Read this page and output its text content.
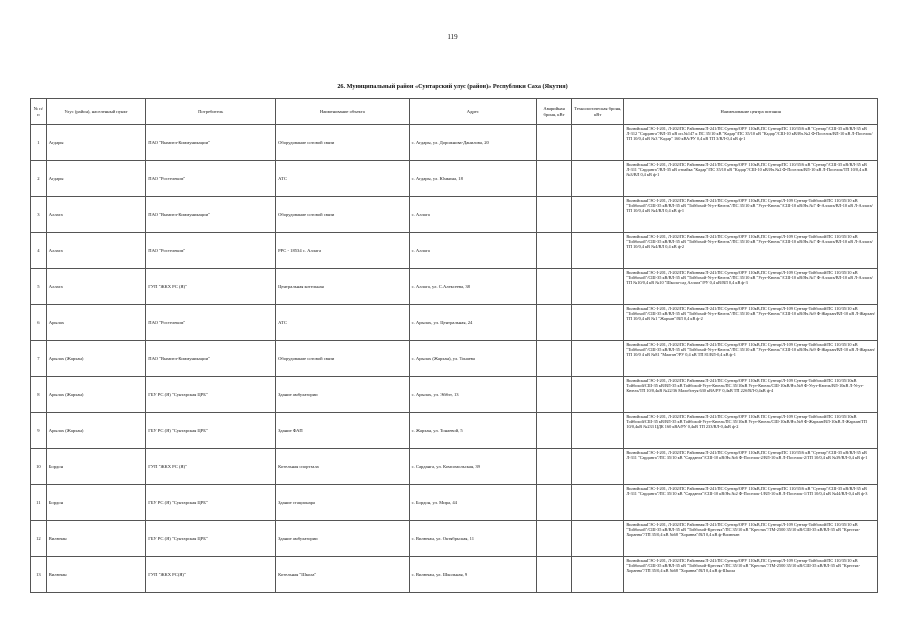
119
26. Муниципальный район «Сунтарский улус (район)» Республики Саха (Якутия)
№ п/п	Улус (район), населенный пункт	Потребитель	Наименование объекта	Адрес	Аварийная броня, кВт	Технологическая броня, кВт	Наименование центра питания
1	Агдары	ПАО "Вымпел-Коммуникации"	Оборудование сотовой связи	с. Агдары, ул. Дорожнова-Данилова, 20			ВилюйскаяГЭС-I-201, Л-202/ПС Районная/Л-241/ПС Сунтар/ОРУ 110кВ,ПС Сунтар/ПС 110/35/6 кВ "Сунтар"/СШ-35 кВ/ВЛ-35 кВ Л-312 "Сарданга"/ВЛ-35 кВ оп.№147 к ПС 35/10 кВ "Кадар"/ПС 35/10 кВ "Кадар"/СШ-10 кВ/Яч.№2 Ф-Поселок/ВЛ-10 кВ Л-Поселок/ТП 10/0,4 кВ №3 "Кадар" 160 кВА/РУ 0,4 кВ ТП 3/ВЛ-0,4 кВ ф-1

2	Агдары	ПАО "Ростелеком"	АТС	с. Агдары, ул. Юнкина, 18			ВилюйскаяГЭС-I-201, Л-202/ПС Районная/Л-241/ПС Сунтар/ОРУ 110кВ,ПС Сунтар/ПС 110/35/6 кВ "Сунтар"/СШ-35 кВ/ВЛ-35 кВ Л-311 "Сарданга"/ВЛ-35 кВ отпайка "Кадар"/ПС 35/10 кВ "Кадар"/СШ-10 кВ/Яч.№2 Ф-Поселок/ВЛ-10 кВ Л-Поселок/ТП 10/0,4 кВ №3/ВЛ 0,4 кВ ф-1

3	Аллага	ПАО "Вымпел-Коммуникации"	Оборудование сотовой связи	с. Аллага			ВилюйскаяГЭС-I-201, Л-202/ПС Районная/Л-241/ПС Сунтар/ОРУ 110кВ,ПС Сунтар/Л-109 Сунтар-Тойбохой/ПС 110/35/10 кВ "Тойбохой"/СШ-35 кВ/ВЛ-35 кВ "Тойбохой-Угут-Кюель"/ПС 35/10 кВ "Угут-Кюель"/СШ-10 кВ/Яч.№7 Ф-Аллага/ВЛ-10 кВ Л-Аллага/ТП 10/0,4 кВ №4/ВЛ 0,4 кВ ф-1

4	Аллага	ПАО "Ростелеком"	РРС - 18534 с. Аллага	с. Аллага			ВилюйскаяГЭС-I-201, Л-202/ПС Районная/Л-241/ПС Сунтар/ОРУ 110кВ,ПС Сунтар/Л-109 Сунтар-Тойбохой/ПС 110/35/10 кВ "Тойбохой"/СШ-35 кВ/ВЛ-35 кВ "Тойбохой-Угут-Кюель"/ПС 35/10 кВ "Угут-Кюель"/СШ-10 кВ/Яч.№7 Ф-Аллага/ВЛ-10 кВ Л-Аллага/ТП 10/0,4 кВ №4/ВЛ 0,4 кВ ф-2

5	Аллага	ГУП "ЖКХ РС (Я)"	Центральная котельная	с. Аллага, ул. С.Алексеева, 38			ВилюйскаяГЭС-I-201, Л-202/ПС Районная/Л-241/ПС Сунтар/ОРУ 110кВ,ПС Сунтар/Л-109 Сунтар-Тойбохой/ПС 110/35/10 кВ "Тойбохой"/СШ-35 кВ/ВЛ-35 кВ "Тойбохой-Угут-Кюель"/ПС 35/10 кВ "Угут-Кюель"/СШ-10 кВ/Яч.№7 Ф-Аллага/ВЛ-10 кВ Л-Аллага/ТП №10/0,4 кВ №10 "Школа-сад Аллага"/РУ 0,4 кВ/ВЛ 0,4 кВ ф-3

6	Арылах	ПАО "Ростелеком"	АТС	с. Арылах, ул. Центральная, 24			ВилюйскаяГЭС-I-201, Л-202/ПС Районная/Л-241/ПС Сунтар/ОРУ 110кВ,ПС Сунтар/Л-109 Сунтар-Тойбохой/ПС 110/35/10 кВ "Тойбохой"/СШ-35 кВ/ВЛ-35 кВ "Тойбохой-Угут-Кюель"/ПС 35/10 кВ "Угут-Кюель"/СШ-10 кВ/Яч.№9 Ф-Жархан/ВЛ-10 кВ Л-Жархан/ТП 10/0,4 кВ №1 "Жархан"/ВЛ 0,4 кВ ф-2

7	Арылах (Жархан)	ПАО "Вымпел-Коммуникации"	Оборудование сотовой связи	с. Арылах (Жархан), ул. Тонаева			ВилюйскаяГЭС-I-201, Л-202/ПС Районная/Л-241/ПС Сунтар/ОРУ 110кВ,ПС Сунтар/Л-109 Сунтар-Тойбохой/ПС 110/35/10 кВ "Тойбохой"/СШ-35 кВ/ВЛ-35 кВ "Тойбохой-Угут-Кюель"/ПС 35/10 кВ "Угут-Кюель"/СШ-10 кВ/Яч.№9 Ф-Жархан/ВЛ-10 кВ Л-Жархан/ТП 10/0 4 кВ №81 "Мааган"/РУ 0,4 кВ ТП 81/ВЛ-0,4 кВ ф-1

8	Арылах (Жархан)	ГБУ РС (Я) "Сунтарская ЦРБ"	Здание амбулатории	с. Арылах, ул. Эйбэт, 13			ВилюйскаяГЭС-I-201, Л-202/ПС Районная/Л-241/ПС Сунтар/ОРУ 110кВ ПС Сунтар/Л-109 Сунтар-Тойбохой/ПС 110/35/10кВ Тойбохой/СШ-35 кВ/ВЛ-35 кВ Тойбохой-Угут-Кюель/ПС 35/10кВ Угут-Кюель/СШ-10кВ/Яч.№9 Ф-Угут-Кюель/ВЛ-10кВ Л-Угут-Кюель/ТП 10/0,4кВ №22/36 Малоботуя 630 кВА/РУ 0,4кВ ТП 22б/ВЛ-0,4кВ ф-4

9	Арылах (Жархан)	ГБУ РС (Я) "Сунтарская ЦРБ"	Здание ФАП	с. Жархан, ул. Тонаевой, 5			ВилюйскаяГЭС-I-201, Л-202/ПС Районная/Л-241/ПС Сунтар/ОРУ 110кВ ПС Сунтар/Л-109 Сунтар-Тойбохой/ПС 110/35/10кВ Тойбохой/СШ-35 кВ/ВЛ-35 кВ Тойбохой-Угут-Кюель/ПС 35/10кВ Угут-Кюель/СШ-10кВ/Яч.№9 Ф-Жархан/ВЛ-10кВ Л-Жархан/ТП 10/0,4кВ №233 ЦДК 160 кВА/РУ 0,4кВ ТП 233/ВЛ-0,4кВ ф-2

10	Бордон	ГУП "ЖКХ РС (Я)"	Котельная спортзала	с. Сарданга, ул. Комсомольская, 39			ВилюйскаяГЭС-I-201, Л-202/ПС Районная/Л-241/ПС Сунтар/ОРУ 110кВ,ПС Сунтар/ПС 110/35/6 кВ "Сунтар"/СШ-35 кВ/ВЛ-35 кВ Л-311 "Сарданга"/ПС 35/10 кВ "Сарданга"/СШ-10 кВ/Яч.№6 Ф-Поселок-2/ВЛ-10 кВ Л-Поселок-2/ТП 10/0,4 кВ №39/ВЛ-0,4 кВ ф-1

11	Бордон	ГБУ РС (Я) "Сунтарская ЦРБ"	Здание стационара	с. Бордон, ул. Мира, 44			ВилюйскаяГЭС-I-201, Л-202/ПС Районная/Л-241/ПС Сунтар/ОРУ 110кВ,ПС Сунтар/ПС 110/35/6 кВ "Сунтар"/СШ-35 кВ/ВЛ-35 кВ Л-311 "Сарданга"/ПС 35/10 кВ "Сарданга"/СШ-10 кВ/Яч.№2 Ф-Поселок-1/ВЛ-10 кВ Л-Поселок-1/ТП 10/0,4 кВ №44/ВЛ-0,4 кВ ф-3

12	Вилючан	ГБУ РС (Я) "Сунтарская ЦРБ"	Здание амбулатории	с. Вилючан, ул. Октябрьская, 11			ВилюйскаяГЭС-I-201, Л-202/ПС Районная/Л-241/ПС Сунтар/ОРУ 110кВ,ПС Сунтар/Л-109 Сунтар-Тойбохой/ПС 110/35/10 кВ "Тойбохой"/СШ-35 кВ/ВЛ-35 кВ "Тойбохой-Крестях"/ПС 35/10 кВ "Крестях"/ТМ-2500 35/10 кВ/СШ-35 кВ/ВЛ-35 кВ "Крестях-Хоранна"/ТП 35/0,4 кВ №68 "Хоранна"/ВЛ 0,4 кВ ф-Вилючан

13	Вилючан	ГУП "ЖКХ РС(Я)"	Котельная "Школа"	с. Вилючан, ул. Школьная, 9			ВилюйскаяГЭС-I-201, Л-202/ПС Районная/Л-241/ПС Сунтар/ОРУ 110кВ,ПС Сунтар/Л-109 Сунтар-Тойбохой/ПС 110/35/10 кВ "Тойбохой"/СШ-35 кВ/ВЛ-35 кВ "Тойбохой-Крестях"/ПС 35/10 кВ "Крестях"/ТМ-2500 35/10 кВ/СШ-35 кВ/ВЛ-35 кВ "Крестях-Хоранна"/ТП 35/0,4 кВ №68 "Хоранна"/ВЛ 0,4 кВ ф-Школа
